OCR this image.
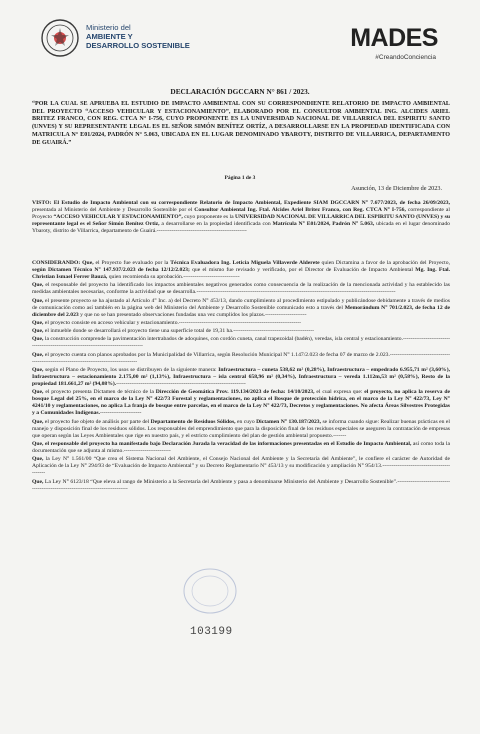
Ministerio del
AMBIENTE Y
DESARROLLO SOSTENIBLE	MADES
#CreandoConciencia
DECLARACIÓN DGCCARN N° 861 / 2023.
“POR LA CUAL SE APRUEBA EL ESTUDIO DE IMPACTO AMBIENTAL CON SU CORRESPONDIENTE RELATORIO DE IMPACTO AMBIENTAL DEL PROYECTO “ACCESO VEHICULAR Y ESTACIONAMIENTO”, ELABORADO POR EL CONSULTOR AMBIENTAL ING. ALCIDES ARIEL BRITEZ FRANCO, CON REG. CTCA N° I-756, CUYO PROPONENTE ES LA UNIVERSIDAD NACIONAL DE VILLARRICA DEL ESPIRITU SANTO (UNVES) Y SU REPRESENTANTE LEGAL ES EL SEÑOR SIMÓN BENÍTEZ ORTÍZ, A DESARROLLARSE EN LA PROPIEDAD IDENTIFICADA CON MATRICULA N° E01/2024, PADRÓN N° 5.063, UBICADA EN EL LUGAR DENOMINADO YBAROTY, DISTRITO DE VILLARRICA, DEPARTAMENTO DE GUAIRÁ.”
Página 1 de 3
Asunción, 13 de Diciembre de 2023.

VISTO: El Estudio de Impacto Ambiental con su correspondiente Relatorio de Impacto Ambiental, Expediente SIAM DGCCARN N° 7.677/2023, de fecha 26/09/2023, presentada al Ministerio del Ambiente y Desarrollo Sostenible por el Consultor Ambiental Ing. Ftal. Alcides Ariel Britez Franco, con Reg. CTCA N° I-756, correspondiente al Proyecto “ACCESO VEHICULAR Y ESTACIONAMIENTO”, cuyo proponente es la UNIVERSIDAD NACIONAL DE VILLARRICA DEL ESPIRITU SANTO (UNVES) y su representante legal es el Señor Simón Benítez Ortiz, a desarrollarse en la propiedad identificada con Matrícula N° E01/2024, Padrón N° 5.063, ubicada en el lugar denominado Ybaroty, distrito de Villarrica, departamento de Guairá.------------------------------------------------

CONSIDERANDO: Que, el Proyecto fue evaluado por la Técnica Evaluadora Ing. Leticia Miguela Villaverde Alderete quien Dictamina a favor de la aprobación del Proyecto, según Dictamen Técnico N° 147.937/2.023 de fecha 12/12/2.023; que el mismo fue revisado y verificado, por el Director de Evaluación de Impacto Ambiental Mg. Ing. Ftal. Christian Ismael Ferrer Bauzá, quien recomienda su aprobación.------------------------------

Que, el responsable del proyecto ha identificado los impactos ambientales negativos generados como consecuencia de la realización de la mencionada actividad y ha establecido las medidas ambientales necesarias, conforme la actividad que se desarrolla.----------------------------------------------------------------------------------------------------------

Que, el presente proyecto se ha ajustado al Artículo 4° Inc. a) del Decreto N° 453/13, dando cumplimiento al procedimiento estipulado y publicándose debidamente a través de medios de comunicación como así también en la página web del Ministerio del Ambiente y Desarrollo Sostenible comunicado esto a través del Memorándum N° 701/2.023, de fecha 12 de diciembre del 2.023 y que no se han presentado observaciones fundadas una vez cumplidos los plazos.----------------------

Que, el proyecto consiste en acceso vehicular y estacionamiento.-----------------------------------------------------------------

Que, el inmueble donde se desarrollará el proyecto tiene una superficie total de 19,31 ha.-------------------------------------------

Que, la construcción comprende la pavimentación intertrabados de adoquines, con cordón cuneta, canal trapezoidal (badén), veredas, isla central y estacionamiento.------------------------------------------------------------------------------------

Que, el proyecto cuenta con planos aprobados por la Municipalidad de Villarrica, según Resolución Municipal N° 1.147/2.023 de fecha 07 de marzo de 2.023.----------------------------------------------------------------------------------------

Que, según el Plano de Proyecto, los usos se distribuyen de la siguiente manera: Infraestructura – cuneta 538,62 m² (0,28%), Infraestructura – empedrado 6.955,71 m² (3,60%), Infraestructura – estacionamiento 2.175,00 m² (1,13%), Infraestructura – isla central 658,96 m² (0,34%), Infraestructura – vereda 1.112m,53 m² (0,58%), Resto de la propiedad 181.661,27 m² (94,08%).---------------------------------------------------------------------

Que, el proyecto presenta Dictamen de técnico de la Dirección de Geomática Prov. 119.134/2023 de fecha: 14/10/2023, el cual expresa que: el proyecto, no aplica la reserva de bosque Legal del 25%, en el marco de la Ley N° 422/73 Forestal y reglamentaciones, no aplica el Bosque de protección hídrica, en el marco de la Ley N° 422/73, Ley N° 4241/10 y reglamentaciones, no aplica La franja de bosque entre parcelas, en el marco de la Ley N° 422/73, Decretos y reglamentaciones. No afecta Áreas Silvestres Protegidas y a Comunidades Indígenas.----------------------

Que, el proyecto fue objeto de análisis por parte del Departamento de Residuos Sólidos, en cuyo Dictamen N° 130.187/2023, se informa cuando sigue: Realizar buenas prácticas en el manejo y disposición final de los residuos sólidos. Los responsables del emprendimiento que para la disposición final de los residuos especiales se aseguren la contratación de empresas que operan según las Leyes Ambientales que rige en nuestro país, y el estricto cumplimiento del plan de gestión ambiental propuesto.-------

Que, el responsable del proyecto ha manifestado bajo Declaración Jurada la veracidad de las informaciones presentadas en el Estudio de Impacto Ambiental, así como toda la documentación que se adjunta al mismo.-------------------------

Que, la Ley N° 1.561/00 “Que crea el Sistema Nacional del Ambiente, el Consejo Nacional del Ambiente y la Secretaría del Ambiente”, le confiere el carácter de Autoridad de Aplicación de la Ley N° 294/93 de “Evaluación de Impacto Ambiental” y su Decreto Reglamentario N° 453/13 y su modificación y ampliación N° 954/13.-------------------------------------------

Que, La Ley N° 6123/18 “Que eleva al rango de Ministerio a la Secretaría del Ambiente y pasa a denominarse Ministerio del Ambiente y Desarrollo Sostenible”.-------------------------------------------------------------------------------

103199
